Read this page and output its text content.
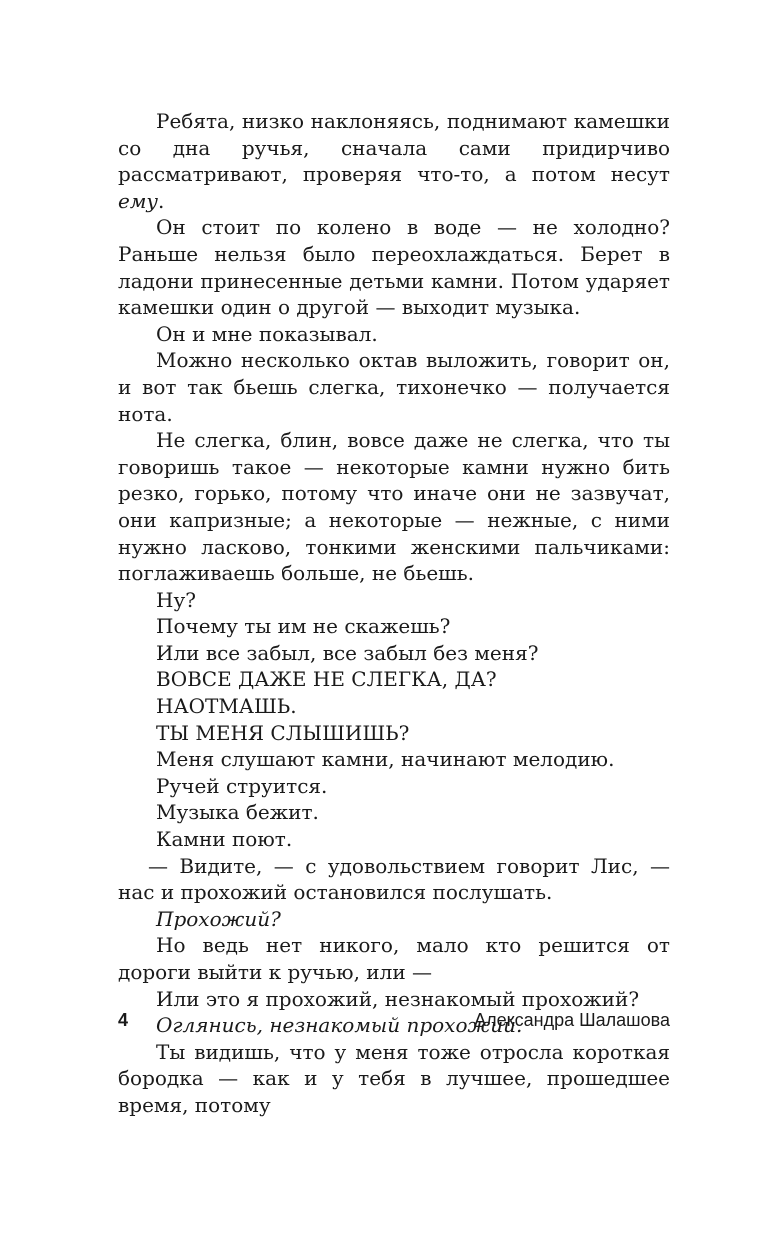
Ребята, низко наклоняясь, поднимают камешки со дна ручья, сначала сами придирчиво рассматривают, проверяя что-то, а потом несут ему.

Он стоит по колено в воде — не холодно? Раньше нельзя было переохлаждаться. Берет в ладони принесенные детьми камни. Потом ударяет камешки один о другой — выходит музыка.

Он и мне показывал.

Можно несколько октав выложить, говорит он, и вот так бьешь слегка, тихонечко — получается нота.

Не слегка, блин, вовсе даже не слегка, что ты говоришь такое — некоторые камни нужно бить резко, горько, потому что иначе они не зазвучат, они капризные; а некоторые — нежные, с ними нужно ласково, тонкими женскими пальчиками: поглаживаешь больше, не бьешь.

Ну?

Почему ты им не скажешь?

Или все забыл, все забыл без меня?

ВОВСЕ ДАЖЕ НЕ СЛЕГКА, ДА?

НАОТМАШЬ.

ТЫ МЕНЯ СЛЫШИШЬ?

Меня слушают камни, начинают мелодию.

Ручей струится.

Музыка бежит.

Камни поют.

— Видите, — с удовольствием говорит Лис, — нас и прохожий остановился послушать.

Прохожий?

Но ведь нет никого, мало кто решится от дороги выйти к ручью, или —

Или это я прохожий, незнакомый прохожий?

Оглянись, незнакомый прохожий.

Ты видишь, что у меня тоже отросла короткая бородка — как и у тебя в лучшее, прошедшее время, потому

4	Александра Шалашова
